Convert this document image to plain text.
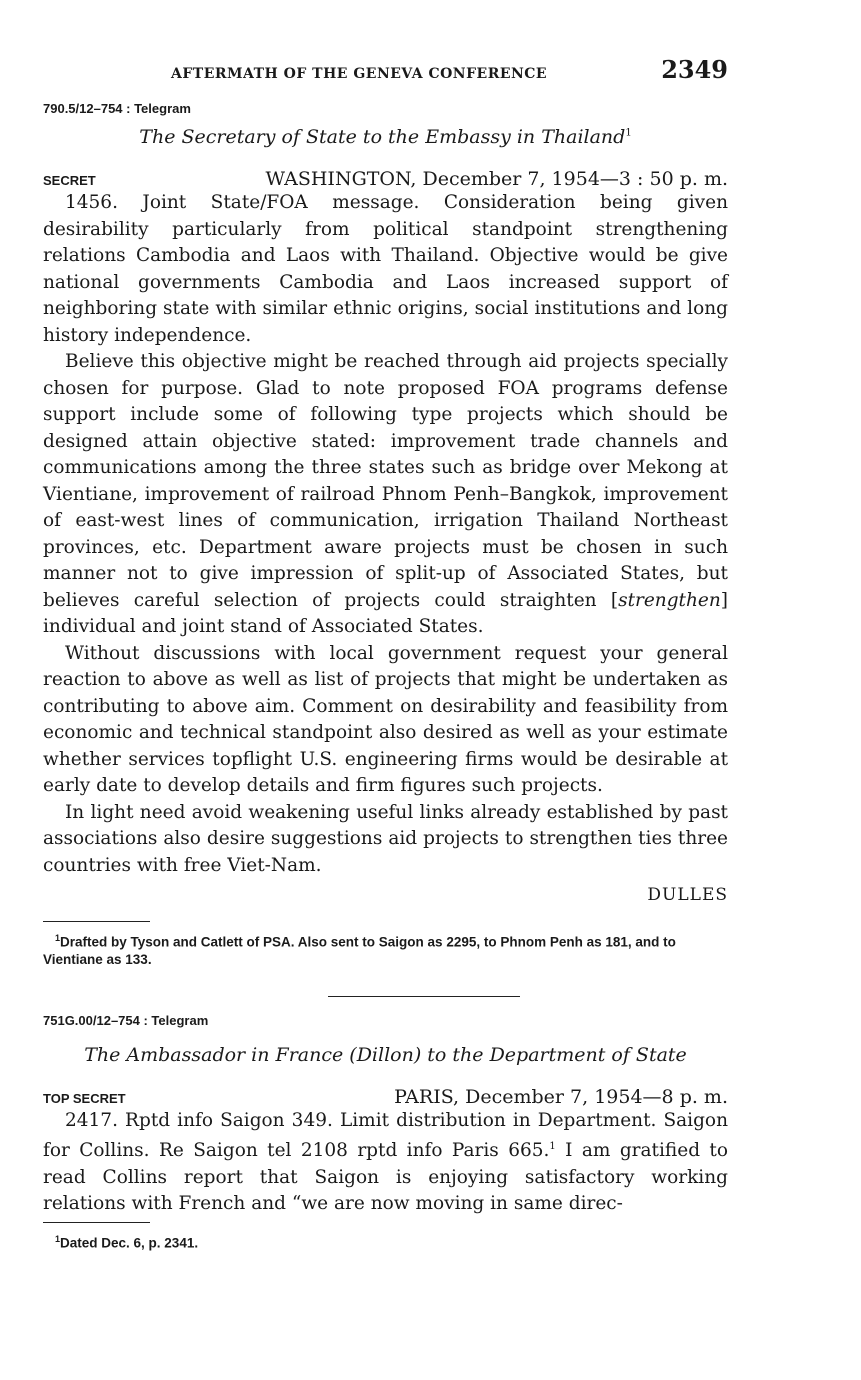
AFTERMATH OF THE GENEVA CONFERENCE	2349
790.5/12–754 : Telegram
The Secretary of State to the Embassy in Thailand$^1$
SECRET	WASHINGTON, December 7, 1954—3 : 50 p. m.

1456. Joint State/FOA message. Consideration being given desirability particularly from political standpoint strengthening relations Cambodia and Laos with Thailand. Objective would be give national governments Cambodia and Laos increased support of neighboring state with similar ethnic origins, social institutions and long history independence.

Believe this objective might be reached through aid projects specially chosen for purpose. Glad to note proposed FOA programs defense support include some of following type projects which should be designed attain objective stated: improvement trade channels and communications among the three states such as bridge over Mekong at Vientiane, improvement of railroad Phnom Penh–Bangkok, improvement of east-west lines of communication, irrigation Thailand Northeast provinces, etc. Department aware projects must be chosen in such manner not to give impression of split-up of Associated States, but believes careful selection of projects could straighten [strengthen] individual and joint stand of Associated States.

Without discussions with local government request your general reaction to above as well as list of projects that might be undertaken as contributing to above aim. Comment on desirability and feasibility from economic and technical standpoint also desired as well as your estimate whether services topflight U.S. engineering firms would be desirable at early date to develop details and firm figures such projects.

In light need avoid weakening useful links already established by past associations also desire suggestions aid projects to strengthen ties three countries with free Viet-Nam.

DULLES
$^1$Drafted by Tyson and Catlett of PSA. Also sent to Saigon as 2295, to Phnom Penh as 181, and to Vientiane as 133.
751G.00/12–754 : Telegram
The Ambassador in France (Dillon) to the Department of State
TOP SECRET	PARIS, December 7, 1954—8 p. m.

2417. Rptd info Saigon 349. Limit distribution in Department. Saigon for Collins. Re Saigon tel 2108 rptd info Paris 665.$^1$ I am gratified to read Collins report that Saigon is enjoying satisfactory working relations with French and “we are now moving in same direc-

$^1$Dated Dec. 6, p. 2341.
